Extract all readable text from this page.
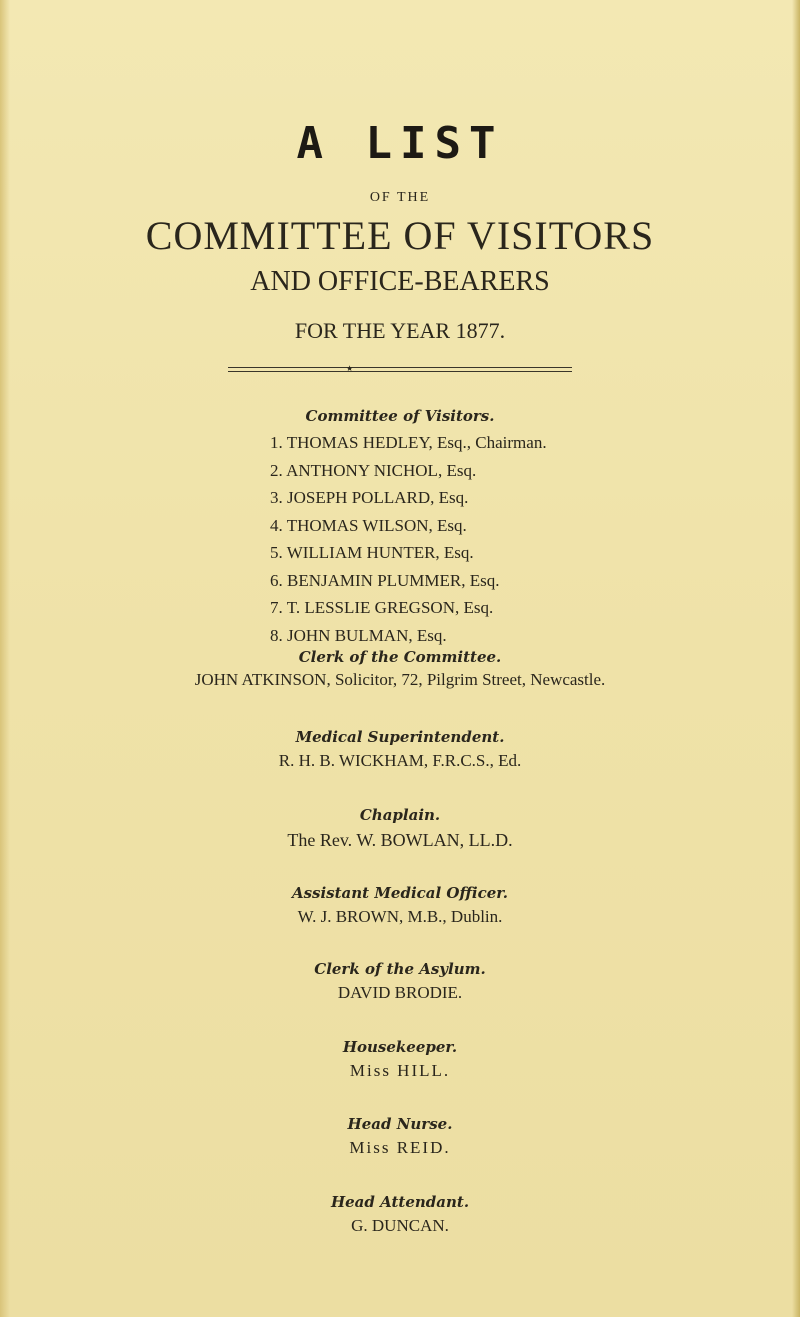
A LIST
OF THE
COMMITTEE OF VISITORS
AND OFFICE-BEARERS
FOR THE YEAR 1877.
★
Committee of Visitors.
1. THOMAS HEDLEY, Esq., Chairman.
2. ANTHONY NICHOL, Esq.
3. JOSEPH POLLARD, Esq.
4. THOMAS WILSON, Esq.
5. WILLIAM HUNTER, Esq.
6. BENJAMIN PLUMMER, Esq.
7. T. LESSLIE GREGSON, Esq.
8. JOHN BULMAN, Esq.
Clerk of the Committee.
JOHN ATKINSON, Solicitor, 72, Pilgrim Street, Newcastle.
Medical Superintendent.
R. H. B. WICKHAM, F.R.C.S., Ed.
Chaplain.
The Rev. W. BOWLAN, LL.D.
Assistant Medical Officer.
W. J. BROWN, M.B., Dublin.
Clerk of the Asylum.
DAVID BRODIE.
Housekeeper.
Miss HILL.
Head Nurse.
Miss REID.
Head Attendant.
G. DUNCAN.
